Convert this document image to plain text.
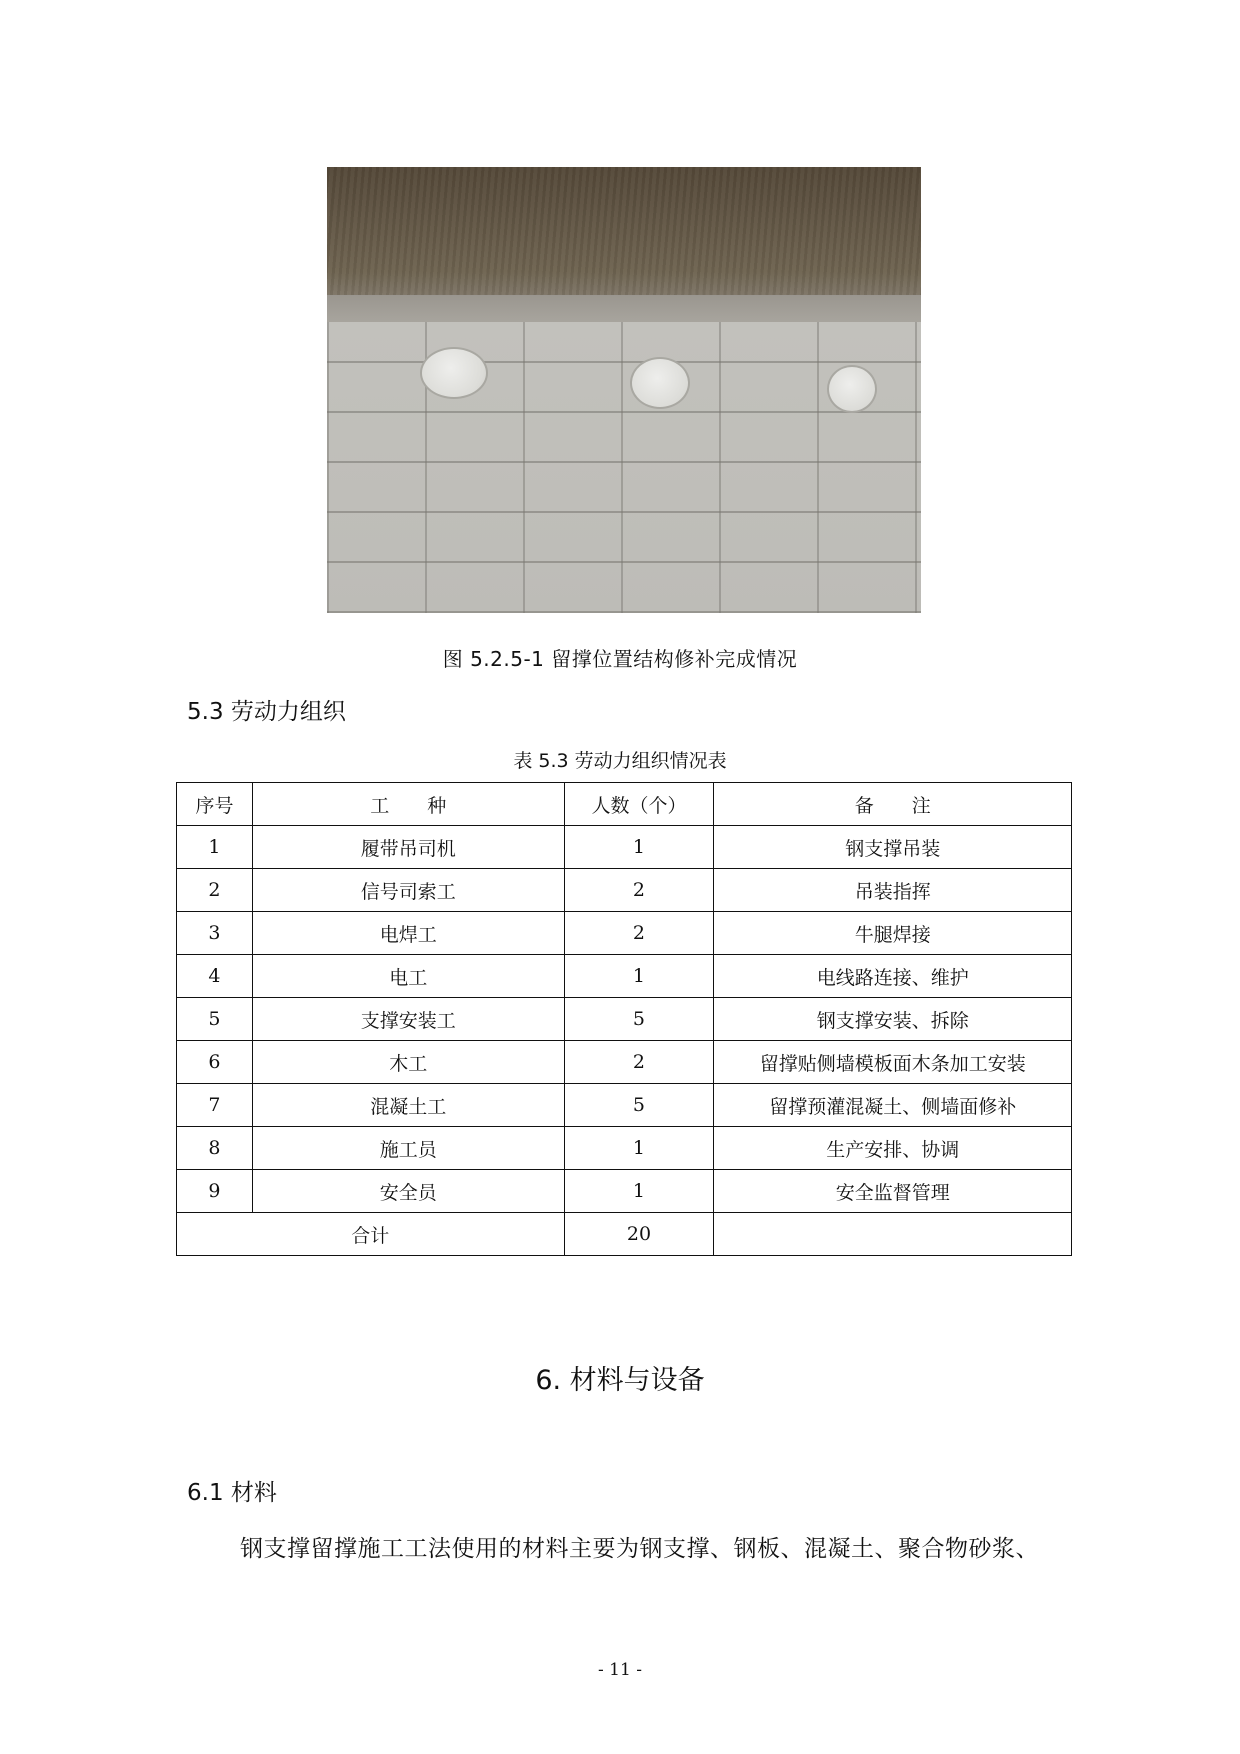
图 5.2.5-1 留撑位置结构修补完成情况
5.3 劳动力组织
表 5.3 劳动力组织情况表
序号	工　　种	人数（个）	备　　注
1	履带吊司机	1	钢支撑吊装
2	信号司索工	2	吊装指挥
3	电焊工	2	牛腿焊接
4	电工	1	电线路连接、维护
5	支撑安装工	5	钢支撑安装、拆除
6	木工	2	留撑贴侧墙模板面木条加工安装
7	混凝土工	5	留撑预灌混凝土、侧墙面修补
8	施工员	1	生产安排、协调
9	安全员	1	安全监督管理
合计		20	
6. 材料与设备
6.1 材料
钢支撑留撑施工工法使用的材料主要为钢支撑、钢板、混凝土、聚合物砂浆、
- 11 -
